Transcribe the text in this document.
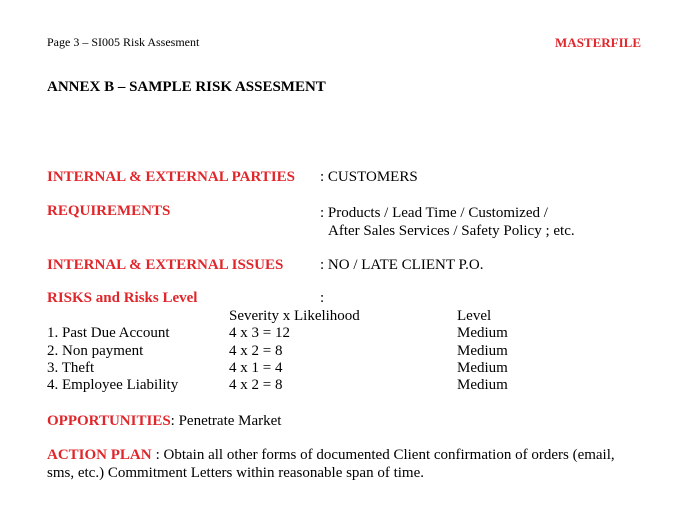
Page 3 – SI005 Risk Assesment	MASTERFILE
ANNEX B – SAMPLE RISK ASSESMENT
INTERNAL & EXTERNAL PARTIES : CUSTOMERS
REQUIREMENTS	: Products / Lead Time / Customized /
After Sales Services / Safety Policy ; etc.
INTERNAL & EXTERNAL ISSUES : NO / LATE CLIENT P.O.
RISKS and Risks Level	:
Severity x Likelihood	Level
1. Past Due Account	4 x 3 = 12	Medium
2. Non payment	4 x 2 = 8	Medium
3. Theft	4 x 1 = 4	Medium
4. Employee Liability	4 x 2 = 8	Medium
OPPORTUNITIES: Penetrate Market
ACTION PLAN : Obtain all other forms of documented Client confirmation of orders (email,
sms, etc.) Commitment Letters within reasonable span of time.
